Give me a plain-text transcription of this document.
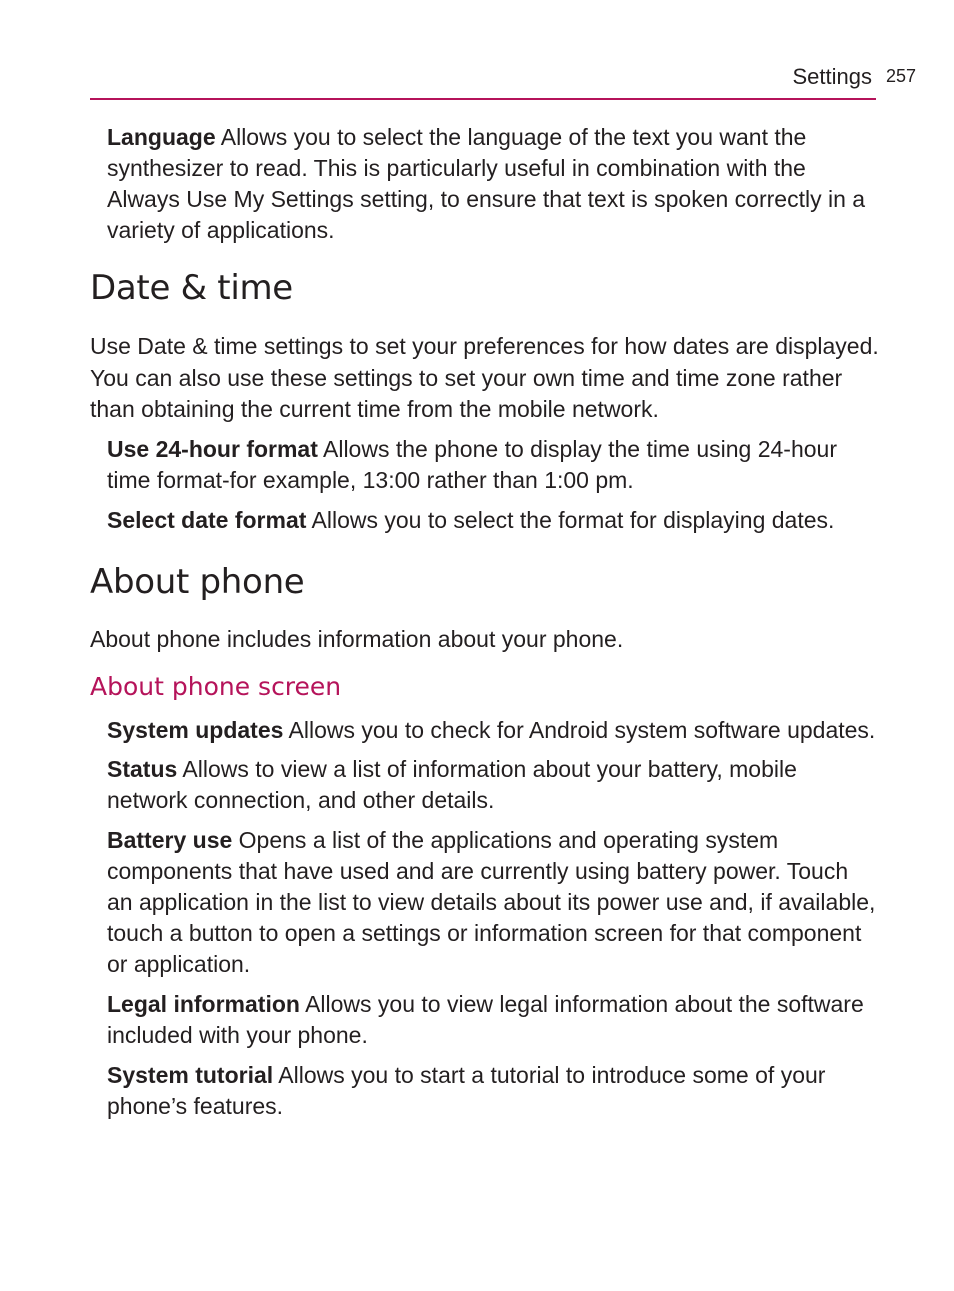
Settings 257
Language Allows you to select the language of the text you want the synthesizer to read. This is particularly useful in combination with the Always Use My Settings setting, to ensure that text is spoken correctly in a variety of applications.
Date & time
Use Date & time settings to set your preferences for how dates are displayed. You can also use these settings to set your own time and time zone rather than obtaining the current time from the mobile network.
Use 24-hour format Allows the phone to display the time using 24-hour time format-for example, 13:00 rather than 1:00 pm.
Select date format Allows you to select the format for displaying dates.
About phone
About phone includes information about your phone.
About phone screen
System updates Allows you to check for Android system software updates.
Status Allows to view a list of information about your battery, mobile network connection, and other details.
Battery use Opens a list of the applications and operating system components that have used and are currently using battery power. Touch an application in the list to view details about its power use and, if available, touch a button to open a settings or information screen for that component or application.
Legal information Allows you to view legal information about the software included with your phone.
System tutorial Allows you to start a tutorial to introduce some of your phone’s features.
